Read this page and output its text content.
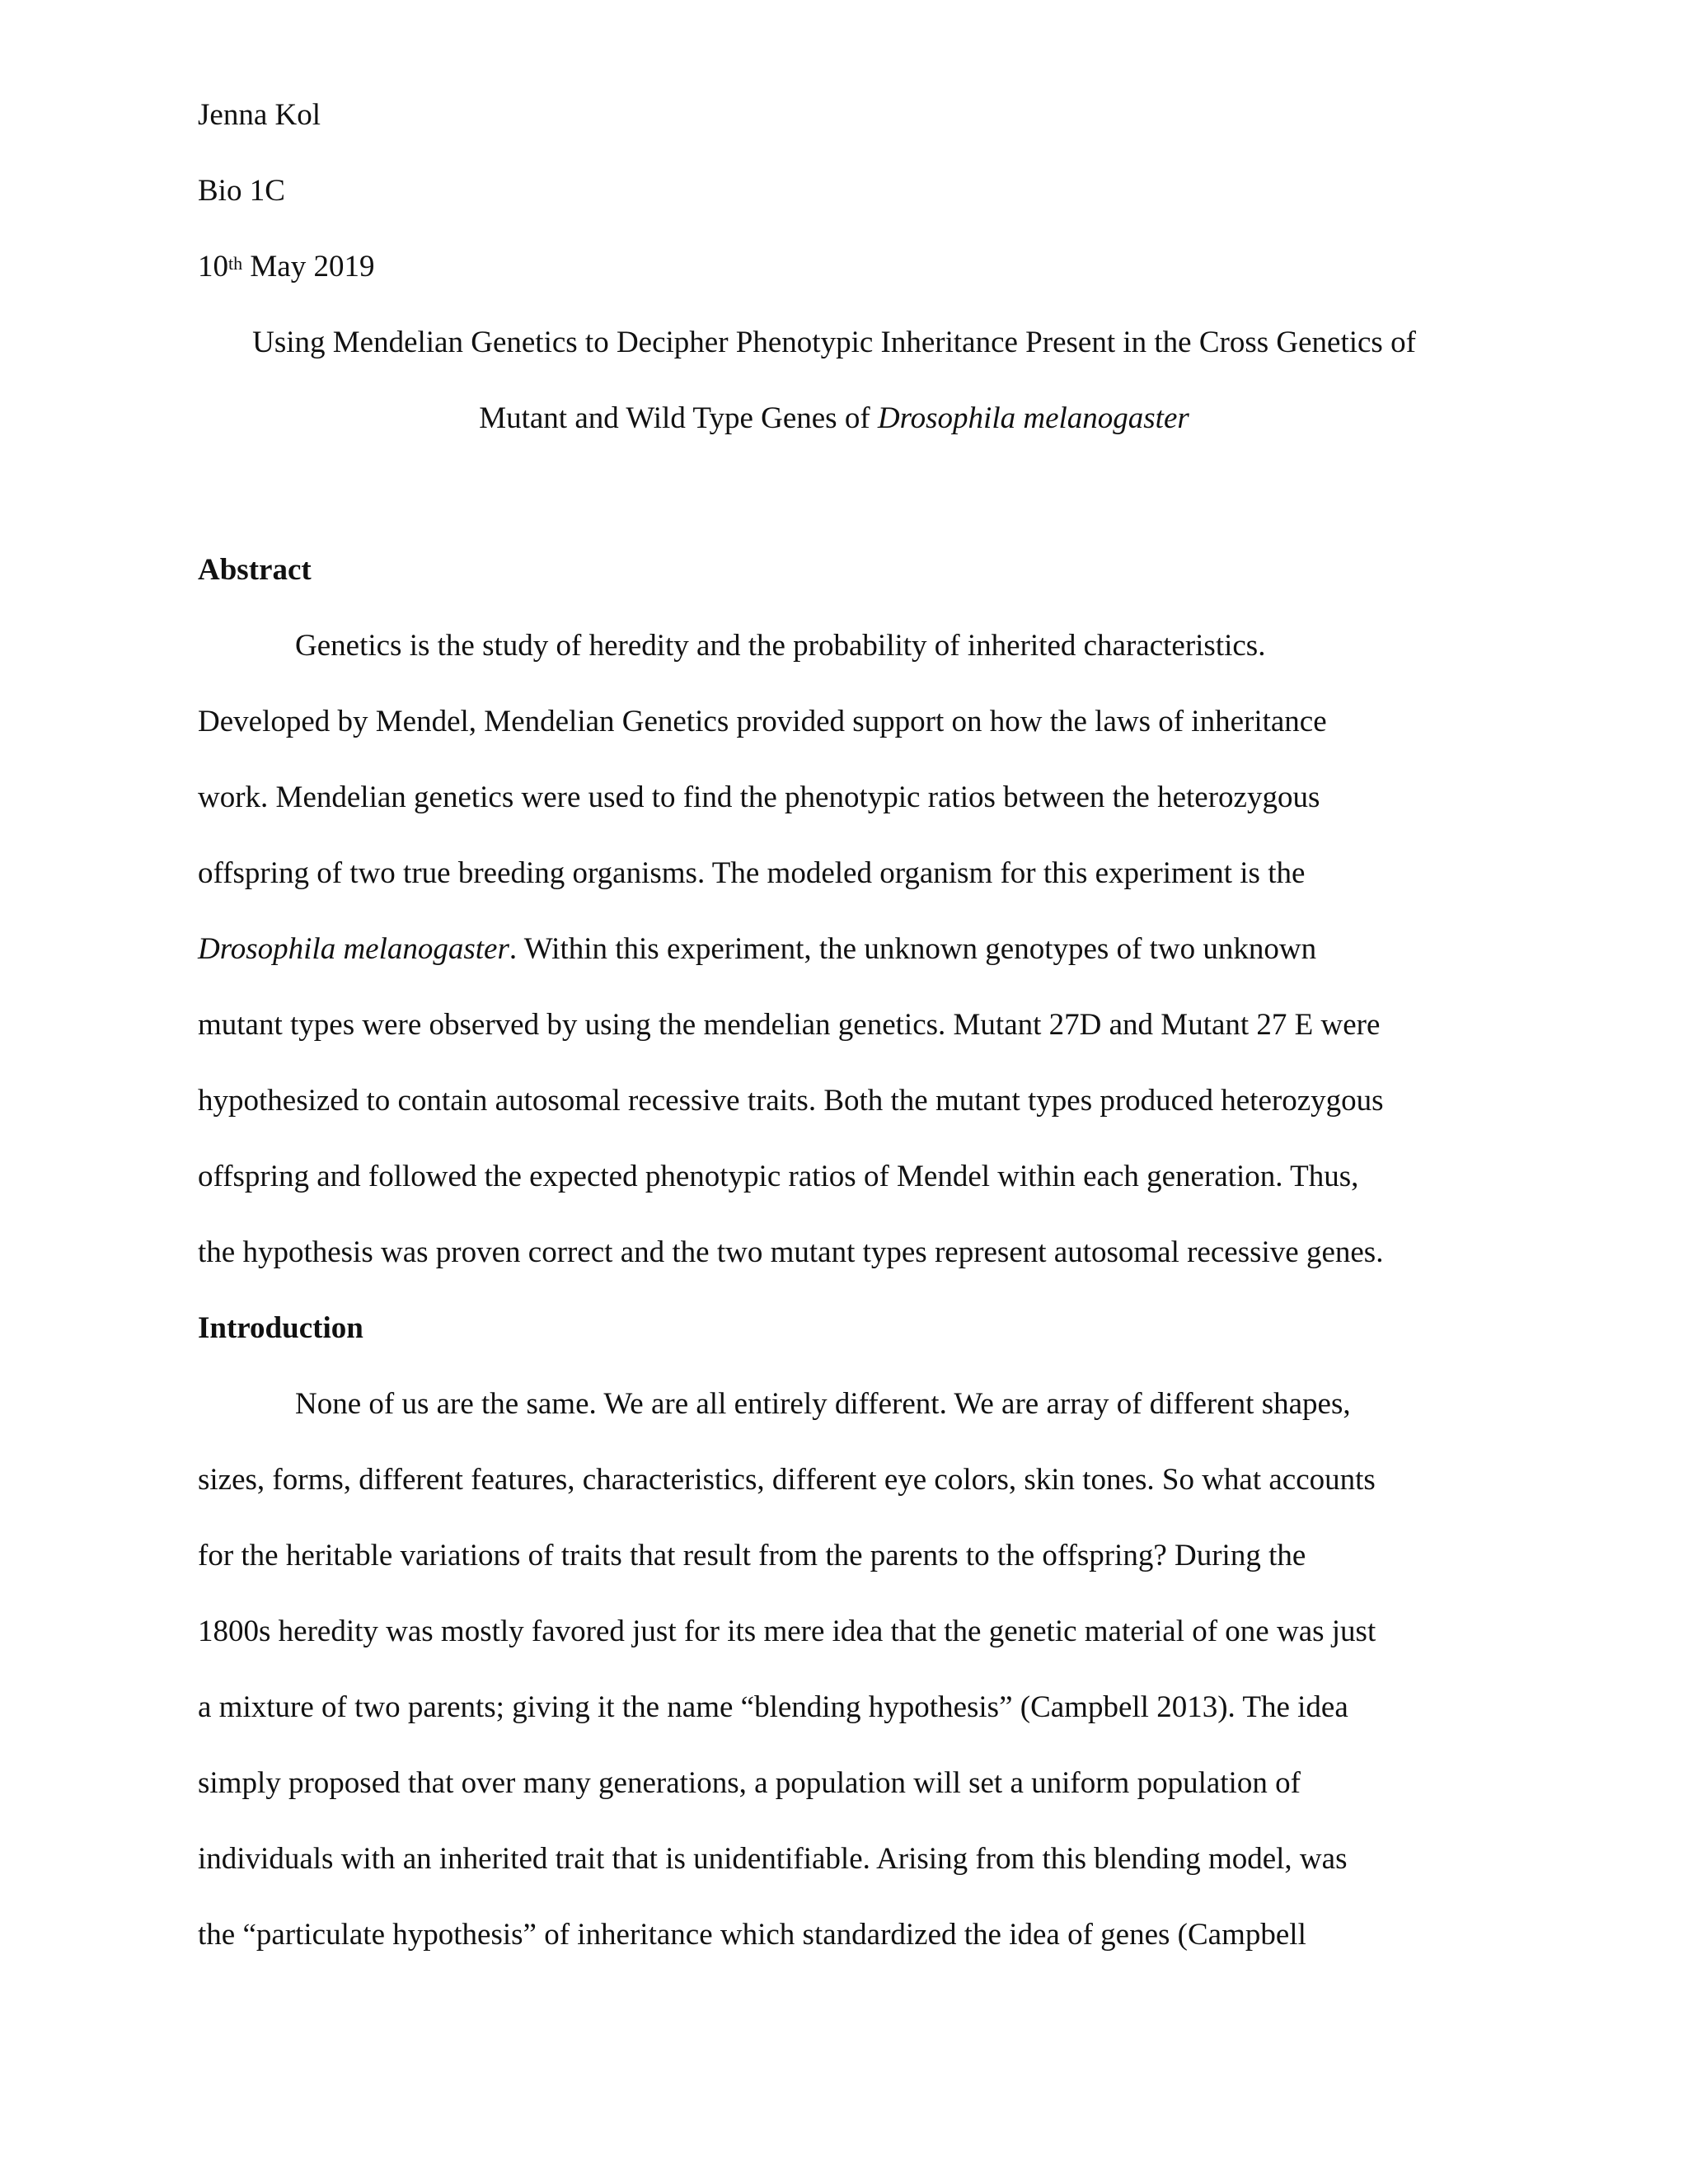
Jenna Kol
Bio 1C
10th May 2019
Using Mendelian Genetics to Decipher Phenotypic Inheritance Present in the Cross Genetics of
Mutant and Wild Type Genes of Drosophila melanogaster
Abstract
Genetics is the study of heredity and the probability of inherited characteristics.
Developed by Mendel, Mendelian Genetics provided support on how the laws of inheritance
work. Mendelian genetics were used to find the phenotypic ratios between the heterozygous
offspring of two true breeding organisms. The modeled organism for this experiment is the
Drosophila melanogaster. Within this experiment, the unknown genotypes of two unknown
mutant types were observed by using the mendelian genetics. Mutant 27D and Mutant 27 E were
hypothesized to contain autosomal recessive traits. Both the mutant types produced heterozygous
offspring and followed the expected phenotypic ratios of Mendel within each generation. Thus,
the hypothesis was proven correct and the two mutant types represent autosomal recessive genes.
Introduction
None of us are the same. We are all entirely different. We are array of different shapes,
sizes, forms, different features, characteristics, different eye colors, skin tones. So what accounts
for the heritable variations of traits that result from the parents to the offspring? During the
1800s heredity was mostly favored just for its mere idea that the genetic material of one was just
a mixture of two parents; giving it the name “blending hypothesis” (Campbell 2013). The idea
simply proposed that over many generations, a population will set a uniform population of
individuals with an inherited trait that is unidentifiable. Arising from this blending model, was
the “particulate hypothesis” of inheritance which standardized the idea of genes (Campbell
